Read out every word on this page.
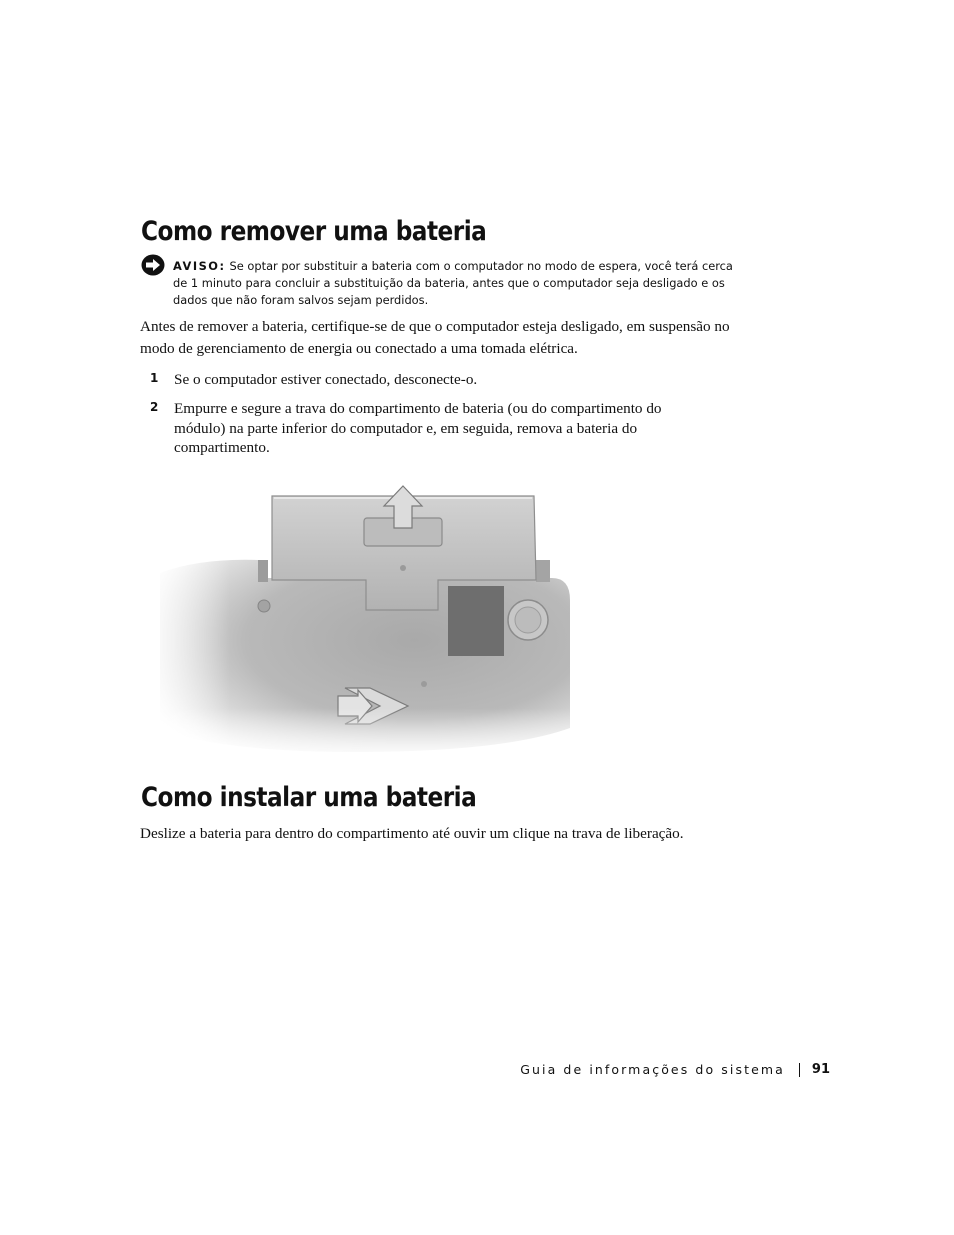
Como remover uma bateria
AVISO: Se optar por substituir a bateria com o computador no modo de espera, você terá cerca de 1 minuto para concluir a substituição da bateria, antes que o computador seja desligado e os dados que não foram salvos sejam perdidos.

Antes de remover a bateria, certifique-se de que o computador esteja desligado, em suspensão no modo de gerenciamento de energia ou conectado a uma tomada elétrica.

1 Se o computador estiver conectado, desconecte-o.
2 Empurre e segure a trava do compartimento de bateria (ou do compartimento do módulo) na parte inferior do computador e, em seguida, remova a bateria do compartimento.
Como instalar uma bateria

Deslize a bateria para dentro do compartimento até ouvir um clique na trava de liberação.

Guia de informações do sistema 91
